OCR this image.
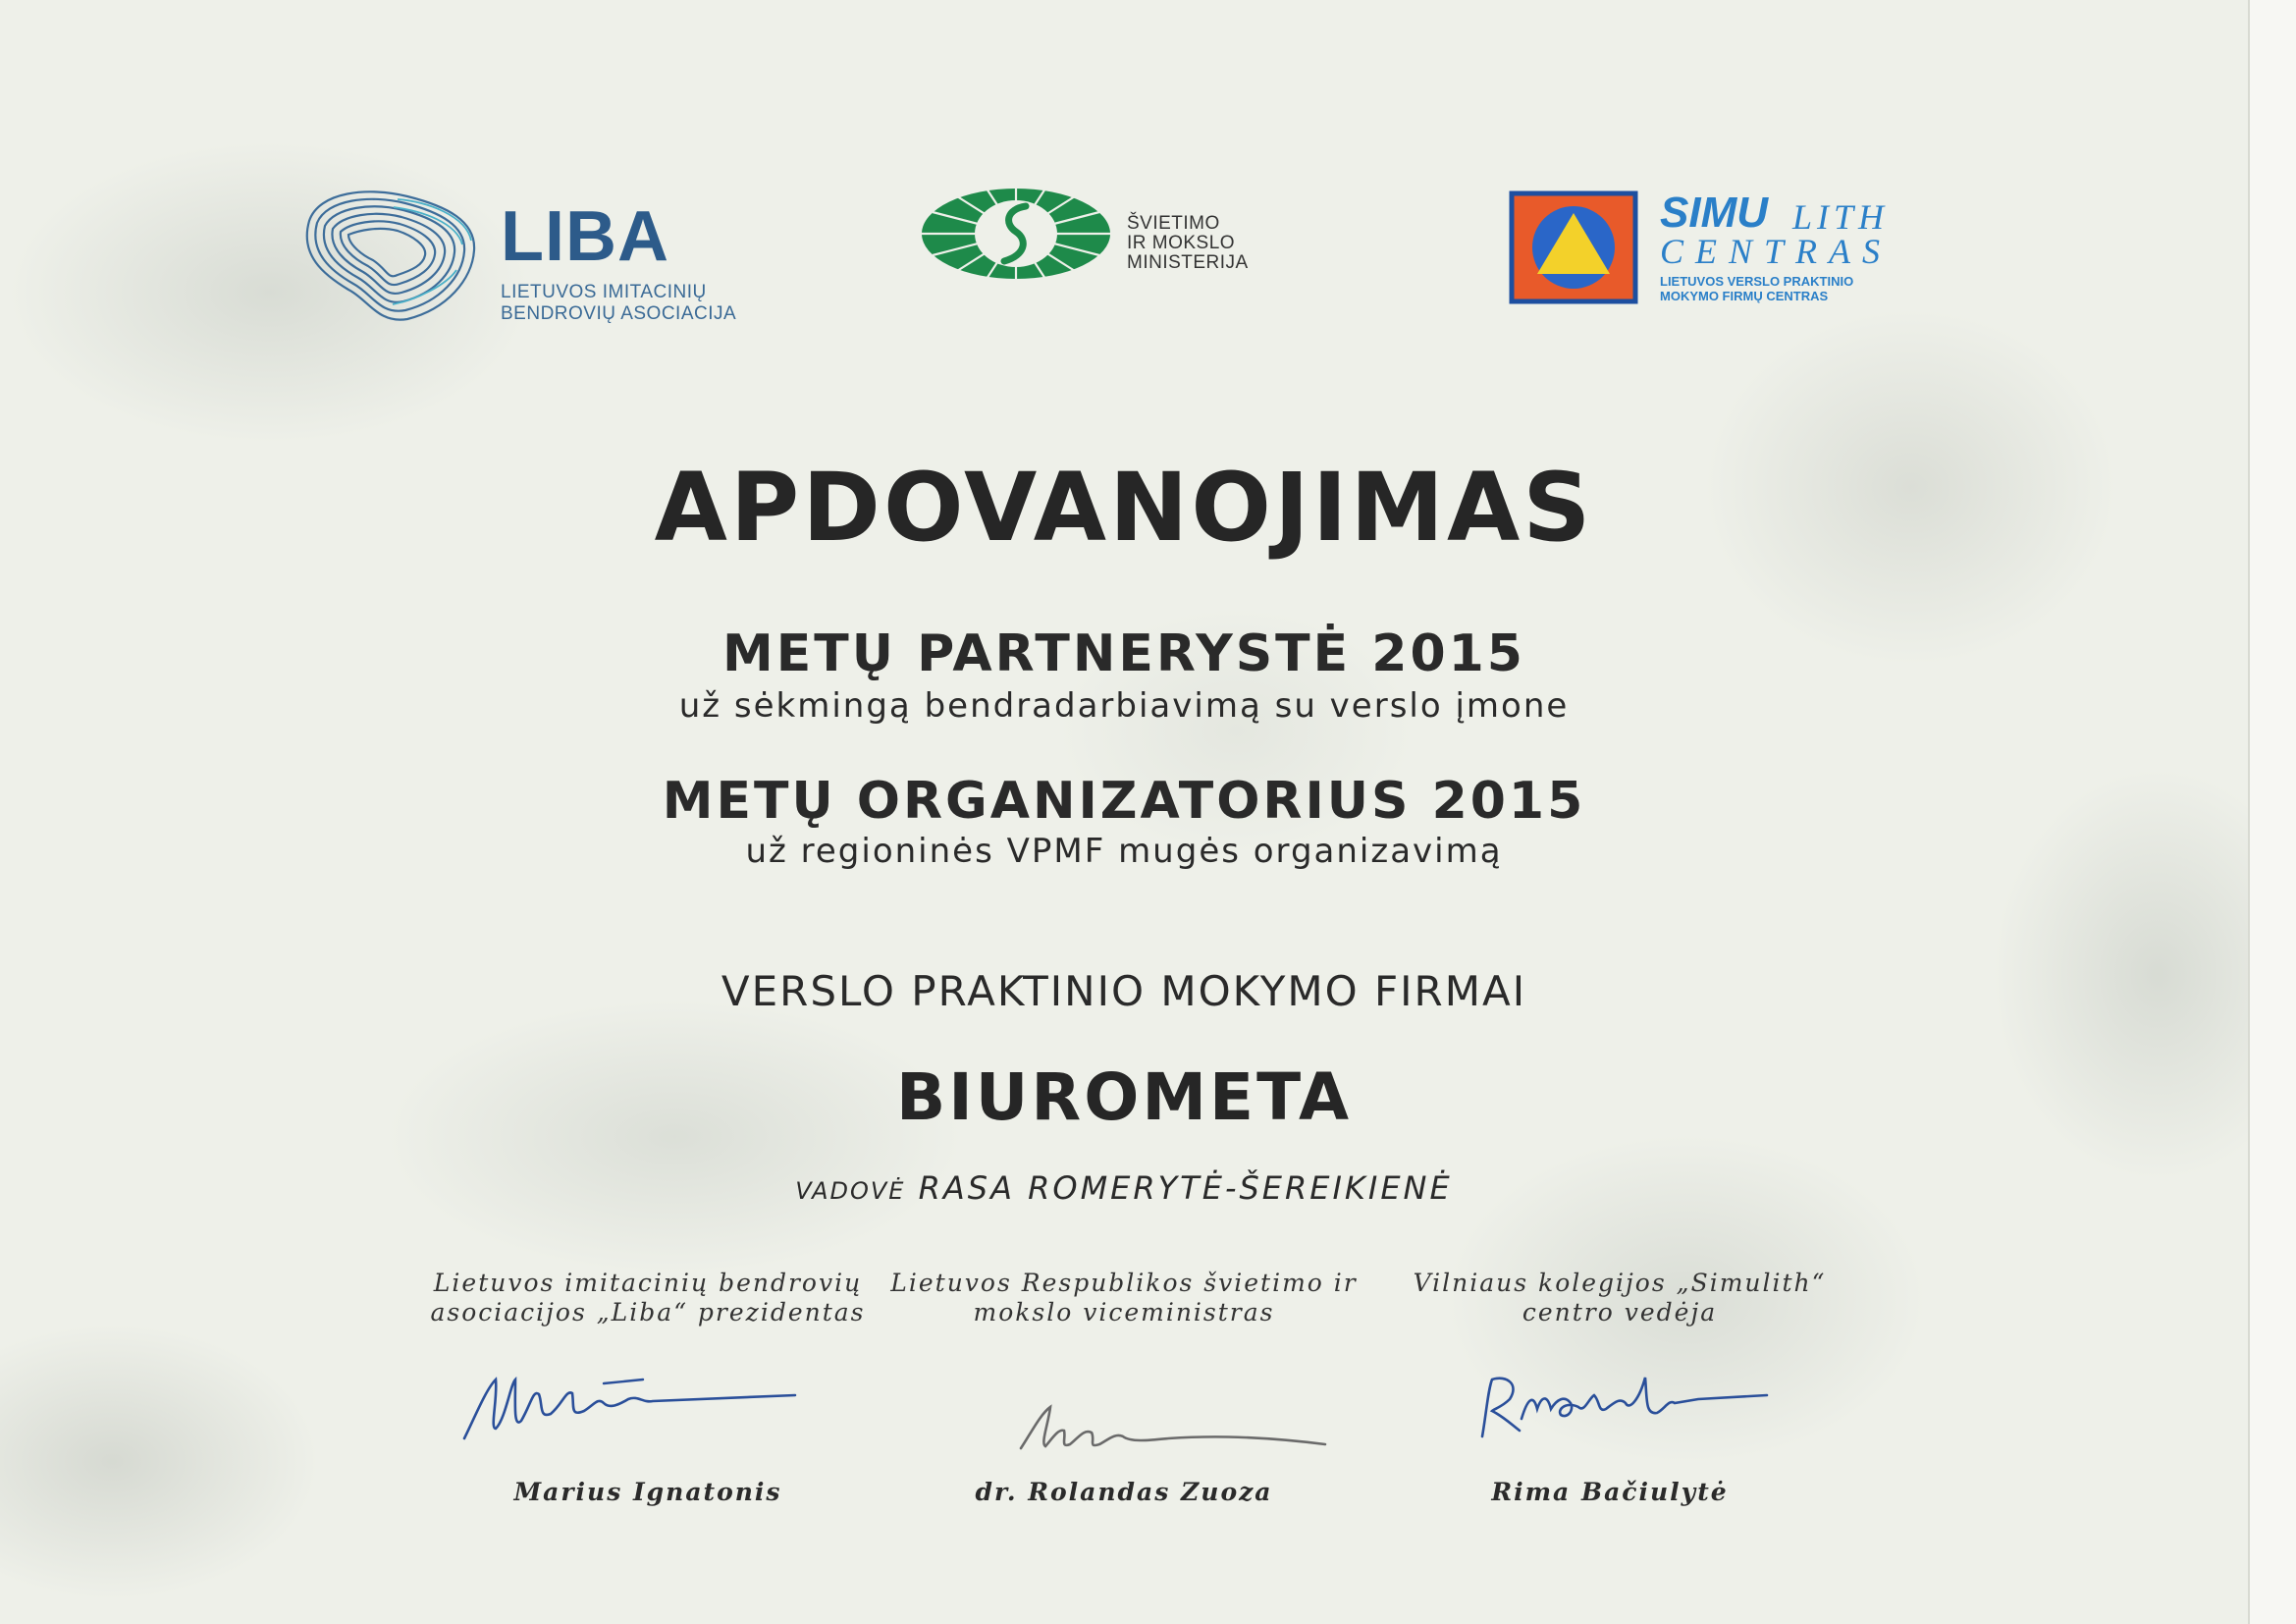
LIBA
LIETUVOS IMITACINIŲ
BENDROVIŲ ASOCIACIJA
ŠVIETIMO
IR MOKSLO
MINISTERIJA
SIMU LITH
CENTRAS
LIETUVOS VERSLO PRAKTINIO
MOKYMO FIRMŲ CENTRAS
APDOVANOJIMAS
METŲ PARTNERYSTĖ 2015
už sėkmingą bendradarbiavimą su verslo įmone
METŲ ORGANIZATORIUS 2015
už regioninės VPMF mugės organizavimą
VERSLO PRAKTINIO MOKYMO FIRMAI
BIUROMETA
VADOVĖ RASA ROMERYTĖ-ŠEREIKIENĖ
Lietuvos imitacinių bendrovių
asociacijos „Liba“ prezidentas
Lietuvos Respublikos švietimo ir
mokslo viceministras
Vilniaus kolegijos „Simulith“
centro vedėja
Marius Ignatonis	dr. Rolandas Zuoza	Rima Bačiulytė
